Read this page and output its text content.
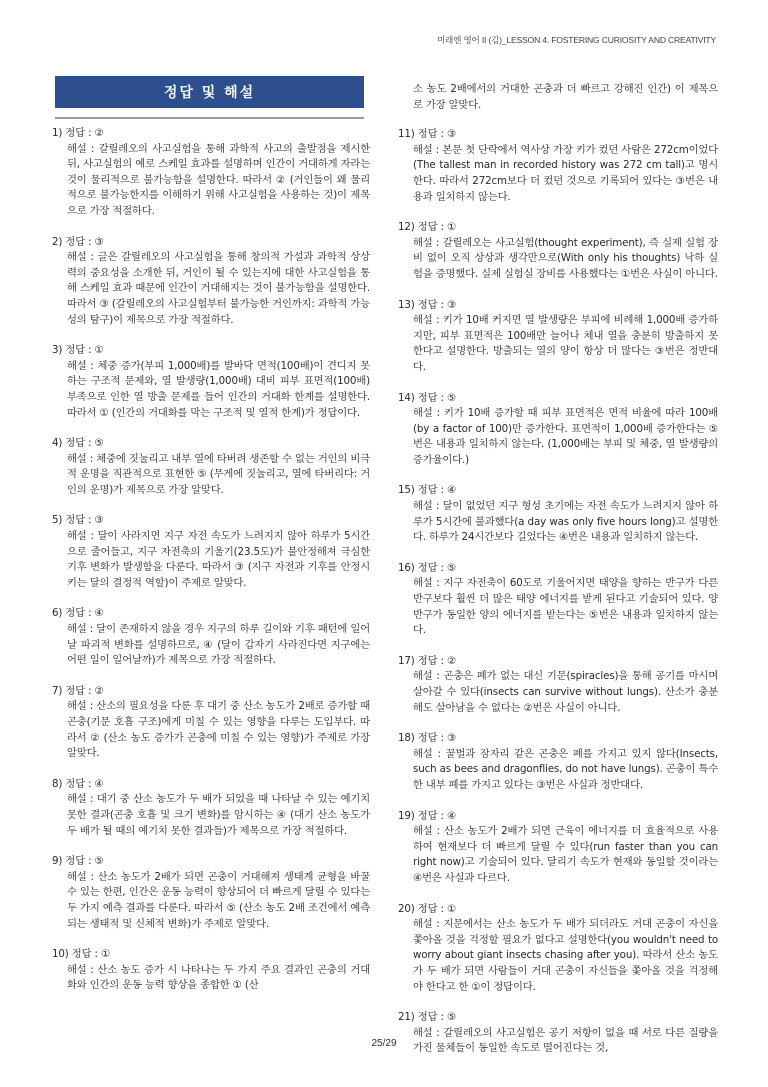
미래엔 영어 II (김)_LESSON 4. FOSTERING CURIOSITY AND CREATIVITY
정답 및 해설
1) 정답 : ②
해설 : 갈릴레오의 사고실험을 통해 과학적 사고의 출발점을 제시한 뒤, 사고실험의 예로 스케일 효과를 설명하며 인간이 거대하게 자라는 것이 물리적으로 불가능함을 설명한다. 따라서 ② (거인들이 왜 물리적으로 불가능한지를 이해하기 위해 사고실험을 사용하는 것)이 제목으로 가장 적절하다.
2) 정답 : ③
해설 : 글은 갈릴레오의 사고실험을 통해 창의적 가설과 과학적 상상력의 중요성을 소개한 뒤, 거인이 될 수 있는지에 대한 사고실험을 통해 스케일 효과 때문에 인간이 거대해지는 것이 불가능함을 설명한다. 따라서 ③ (갈릴레오의 사고실험부터 불가능한 거인까지: 과학적 가능성의 탐구)이 제목으로 가장 적절하다.
3) 정답 : ①
해설 : 체중 증가(부피 1,000배)를 발바닥 면적(100배)이 견디지 못하는 구조적 문제와, 열 발생량(1,000배) 대비 피부 표면적(100배) 부족으로 인한 열 방출 문제를 들어 인간의 거대화 한계를 설명한다. 따라서 ① (인간의 거대화를 막는 구조적 및 열적 한계)가 정답이다.
4) 정답 : ⑤
해설 : 체중에 짓눌리고 내부 열에 타버려 생존할 수 없는 거인의 비극적 운명을 직관적으로 표현한 ⑤ (무게에 짓눌리고, 열에 타버리다: 거인의 운명)가 제목으로 가장 알맞다.
5) 정답 : ③
해설 : 달이 사라지면 지구 자전 속도가 느려지지 않아 하루가 5시간으로 줄어들고, 지구 자전축의 기울기(23.5도)가 불안정해져 극심한 기후 변화가 발생함을 다룬다. 따라서 ③ (지구 자전과 기후를 안정시키는 달의 결정적 역할)이 주제로 알맞다.
6) 정답 : ④
해설 : 달이 존재하지 않을 경우 지구의 하루 길이와 기후 패턴에 일어날 파괴적 변화를 설명하므로, ④ (달이 갑자기 사라진다면 지구에는 어떤 일이 일어날까)가 제목으로 가장 적절하다.
7) 정답 : ②
해설 : 산소의 필요성을 다룬 후 대기 중 산소 농도가 2배로 증가할 때 곤충(기문 호흡 구조)에게 미칠 수 있는 영향을 다루는 도입부다. 따라서 ② (산소 농도 증가가 곤충에 미칠 수 있는 영향)가 주제로 가장 알맞다.
8) 정답 : ④
해설 : 대기 중 산소 농도가 두 배가 되었을 때 나타날 수 있는 예기치 못한 결과(곤충 호흡 및 크기 변화)를 암시하는 ④ (대기 산소 농도가 두 배가 될 때의 예기치 못한 결과들)가 제목으로 가장 적절하다.
9) 정답 : ⑤
해설 : 산소 농도가 2배가 되면 곤충이 거대해져 생태계 균형을 바꿀 수 있는 한편, 인간은 운동 능력이 향상되어 더 빠르게 달릴 수 있다는 두 가지 예측 결과를 다룬다. 따라서 ⑤ (산소 농도 2배 조건에서 예측되는 생태적 및 신체적 변화)가 주제로 알맞다.
10) 정답 : ①
해설 : 산소 농도 증가 시 나타나는 두 가지 주요 결과인 곤충의 거대화와 인간의 운동 능력 향상을 종합한 ① (산
소 농도 2배에서의 거대한 곤충과 더 빠르고 강해진 인간) 이 제목으로 가장 알맞다.
11) 정답 : ③
해설 : 본문 첫 단락에서 역사상 가장 키가 컸던 사람은 272cm이었다(The tallest man in recorded history was 272 cm tall)고 명시한다. 따라서 272cm보다 더 컸던 것으로 기록되어 있다는 ③번은 내용과 일치하지 않는다.
12) 정답 : ①
해설 : 갈릴레오는 사고실험(thought experiment), 즉 실제 실험 장비 없이 오직 상상과 생각만으로(With only his thoughts) 낙하 실험을 증명했다. 실제 실험실 장비를 사용했다는 ①번은 사실이 아니다.
13) 정답 : ③
해설 : 키가 10배 커지면 열 발생량은 부피에 비례해 1,000배 증가하지만, 피부 표면적은 100배만 늘어나 체내 열을 충분히 방출하지 못한다고 설명한다. 방출되는 열의 양이 항상 더 많다는 ③번은 정반대다.
14) 정답 : ⑤
해설 : 키가 10배 증가할 때 피부 표면적은 면적 비율에 따라 100배(by a factor of 100)만 증가한다. 표면적이 1,000배 증가한다는 ⑤번은 내용과 일치하지 않는다. (1,000배는 부피 및 체중, 열 발생량의 증가율이다.)
15) 정답 : ④
해설 : 달이 없었던 지구 형성 초기에는 자전 속도가 느려지지 않아 하루가 5시간에 불과했다(a day was only five hours long)고 설명한다. 하루가 24시간보다 길었다는 ④번은 내용과 일치하지 않는다.
16) 정답 : ⑤
해설 : 지구 자전축이 60도로 기울어지면 태양을 향하는 반구가 다른 반구보다 훨씬 더 많은 태양 에너지를 받게 된다고 기술되어 있다. 양 반구가 동일한 양의 에너지를 받는다는 ⑤번은 내용과 일치하지 않는다.
17) 정답 : ②
해설 : 곤충은 폐가 없는 대신 기문(spiracles)을 통해 공기를 마시며 살아갈 수 있다(insects can survive without lungs). 산소가 충분해도 살아남을 수 없다는 ②번은 사실이 아니다.
18) 정답 : ③
해설 : 꿀벌과 잠자리 같은 곤충은 폐를 가지고 있지 않다(Insects, such as bees and dragonflies, do not have lungs). 곤충이 특수한 내부 폐를 가지고 있다는 ③번은 사실과 정반대다.
19) 정답 : ④
해설 : 산소 농도가 2배가 되면 근육이 에너지를 더 효율적으로 사용하여 현재보다 더 빠르게 달릴 수 있다(run faster than you can right now)고 기술되어 있다. 달리기 속도가 현재와 동일할 것이라는 ④번은 사실과 다르다.
20) 정답 : ①
해설 : 지문에서는 산소 농도가 두 배가 되더라도 거대 곤충이 자신을 쫓아올 것을 걱정할 필요가 없다고 설명한다(you wouldn't need to worry about giant insects chasing after you). 따라서 산소 농도가 두 배가 되면 사람들이 거대 곤충이 자신들을 쫓아올 것을 걱정해야 한다고 한 ①이 정답이다.
21) 정답 : ⑤
해설 : 갈릴레오의 사고실험은 공기 저항이 없을 때 서로 다른 질량을 가진 물체들이 동일한 속도로 떨어진다는 것,
25/29
